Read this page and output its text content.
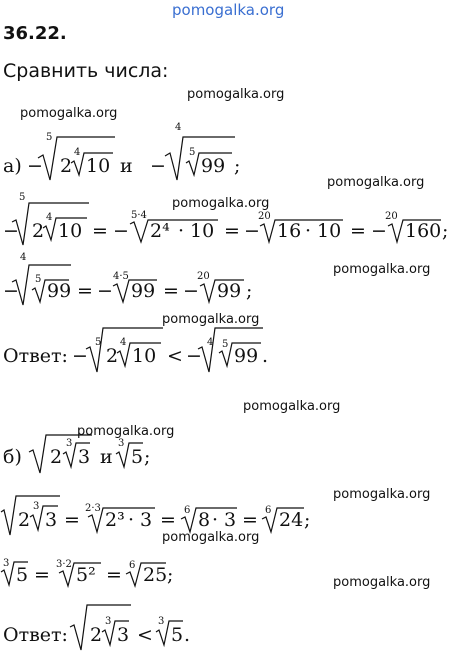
pomogalka.org
36.22.
Сравнить числа:
pomogalka.org
pomogalka.org
pomogalka.org
pomogalka.org
pomogalka.org
pomogalka.org
pomogalka.org
pomogalka.org
pomogalka.org
pomogalka.org
pomogalka.org
а) −
5
2
4
10 и −
4
5
99 ;
−
5
2
4
10 = −
5·4
2⁴ · 10 = −
20
16 · 10 = −
20
160 ;
−
4
5
99 = −
4·5
99 = −
20
99 ;
Ответ: −
5
2
4
10 < −
4 5
99 .
б) 2
3
3 и
3
5 ;
2
3
3 =
2·3
2³ · 3 = 6 8 · 3 = 6 24 ;
3
5 = 3·2 5² = 6 25 ;
Ответ: 2
3
3 <
3
5 .
